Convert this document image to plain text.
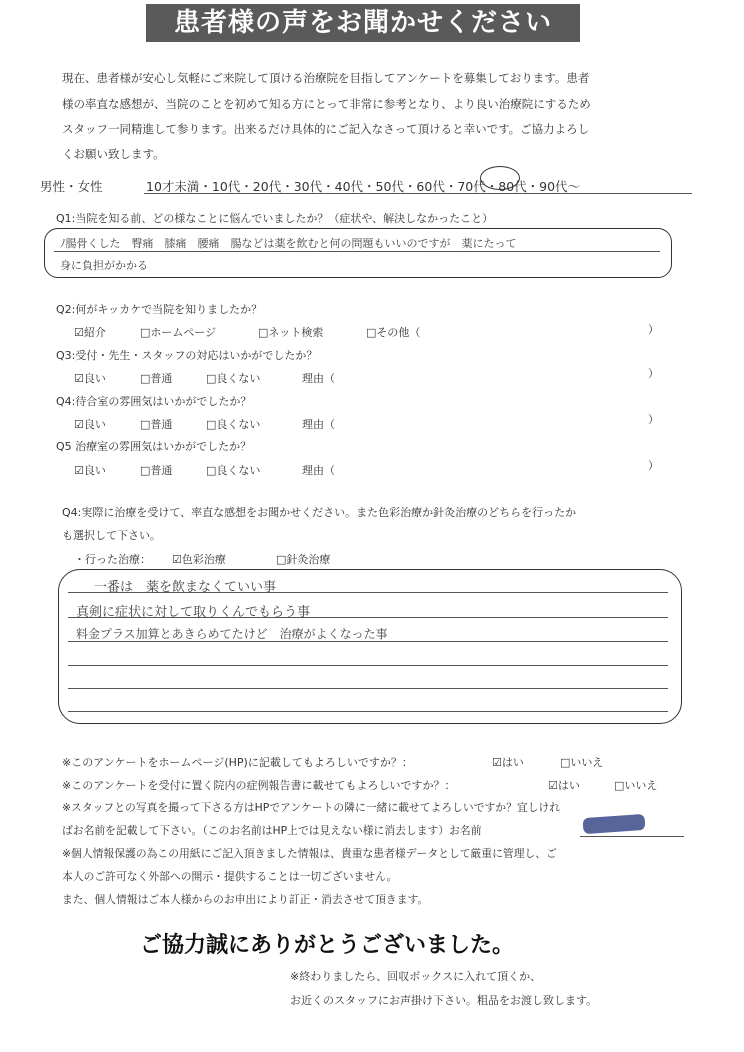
患者様の声をお聞かせください
現在、患者様が安心し気軽にご来院して頂ける治療院を目指してアンケートを募集しております。患者
様の率直な感想が、当院のことを初めて知る方にとって非常に参考となり、より良い治療院にするため
スタッフ一同精進して参ります。出来るだけ具体的にご記入なさって頂けると幸いです。ご協力よろし
くお願い致します。
男性・女性	10才未満・10代・20代・30代・40代・50代・60代・70代・80代・90代〜
Q1:当院を知る前、どの様なことに悩んでいましたか？（症状や、解決しなかったこと）
ﾉ腸骨くした　臀痛　膝痛　腰痛　腸などは薬を飲むと何の問題もいいのですが　薬にたって
身に負担がかかる
Q2:何がキッカケで当院を知りましたか？
☑紹介	□ホームページ	□ネット検索	□その他（	）
Q3:受付・先生・スタッフの対応はいかがでしたか？
☑良い	□普通	□良くない	理由（	）
Q4:待合室の雰囲気はいかがでしたか？
☑良い	□普通	□良くない	理由（	）
Q5 治療室の雰囲気はいかがでしたか？
☑良い	□普通	□良くない	理由（	）
Q4:実際に治療を受けて、率直な感想をお聞かせください。また色彩治療か針灸治療のどちらを行ったか
も選択して下さい。
・行った治療： ☑色彩治療	□針灸治療
一番は　薬を飲まなくていい事
真剣に症状に対して取りくんでもらう事
料金プラス加算とあきらめてたけど　治療がよくなった事
※このアンケートをホームページ(HP)に記載してもよろしいですか？：	☑はい	□いいえ
※このアンケートを受付に置く院内の症例報告書に載せてもよろしいですか？：	☑はい	□いいえ
※スタッフとの写真を撮って下さる方はHPでアンケートの隣に一緒に載せてよろしいですか？宜しけれ
ばお名前を記載して下さい。（このお名前はHP上では見えない様に消去します）お名前
※個人情報保護の為この用紙にご記入頂きました情報は、貴重な患者様データとして厳重に管理し、ご
本人のご許可なく外部への開示・提供することは一切ございません。
また、個人情報はご本人様からのお申出により訂正・消去させて頂きます。
ご協力誠にありがとうございました。
※終わりましたら、回収ボックスに入れて頂くか、
お近くのスタッフにお声掛け下さい。粗品をお渡し致します。
